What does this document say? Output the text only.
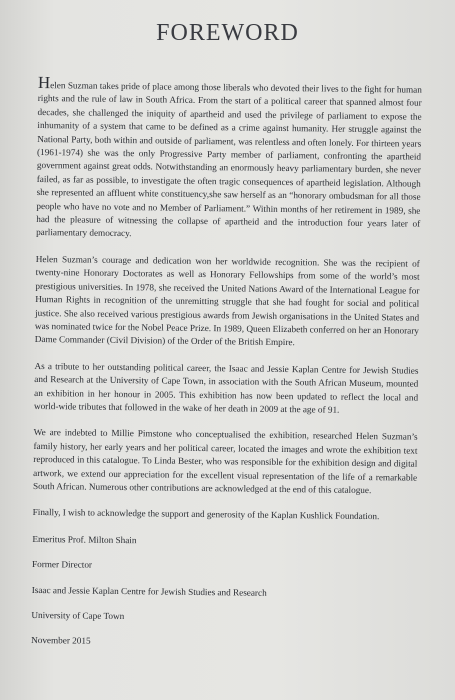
FOREWORD

Helen Suzman takes pride of place among those liberals who devoted their lives to the fight for human rights and the rule of law in South Africa. From the start of a political career that spanned almost four decades, she challenged the iniquity of apartheid and used the privilege of parliament to expose the inhumanity of a system that came to be defined as a crime against humanity. Her struggle against the National Party, both within and outside of parliament, was relentless and often lonely. For thirteen years (1961-1974) she was the only Progressive Party member of parliament, confronting the apartheid government against great odds. Notwithstanding an enormously heavy parliamentary burden, she never failed, as far as possible, to investigate the often tragic consequences of apartheid legislation. Although she represented an affluent white constituency,she saw herself as an “honorary ombudsman for all those people who have no vote and no Member of Parliament.” Within months of her retirement in 1989, she had the pleasure of witnessing the collapse of apartheid and the introduction four years later of parliamentary democracy.

Helen Suzman’s courage and dedication won her worldwide recognition. She was the recipient of twenty-nine Honorary Doctorates as well as Honorary Fellowships from some of the world’s most prestigious universities. In 1978, she received the United Nations Award of the International League for Human Rights in recognition of the unremitting struggle that she had fought for social and political justice. She also received various prestigious awards from Jewish organisations in the United States and was nominated twice for the Nobel Peace Prize. In 1989, Queen Elizabeth conferred on her an Honorary Dame Commander (Civil Division) of the Order of the British Empire.

As a tribute to her outstanding political career, the Isaac and Jessie Kaplan Centre for Jewish Studies and Research at the University of Cape Town, in association with the South African Museum, mounted an exhibition in her honour in 2005. This exhibition has now been updated to reflect the local and world-wide tributes that followed in the wake of her death in 2009 at the age of 91.

We are indebted to Millie Pimstone who conceptualised the exhibition, researched Helen Suzman’s family history, her early years and her political career, located the images and wrote the exhibition text reproduced in this catalogue. To Linda Bester, who was responsible for the exhibition design and digital artwork, we extend our appreciation for the excellent visual representation of the life of a remarkable South African. Numerous other contributions are acknowledged at the end of this catalogue.

Finally, I wish to acknowledge the support and generosity of the Kaplan Kushlick Foundation.

Emeritus Prof. Milton Shain

Former Director

Isaac and Jessie Kaplan Centre for Jewish Studies and Research

University of Cape Town

November 2015
